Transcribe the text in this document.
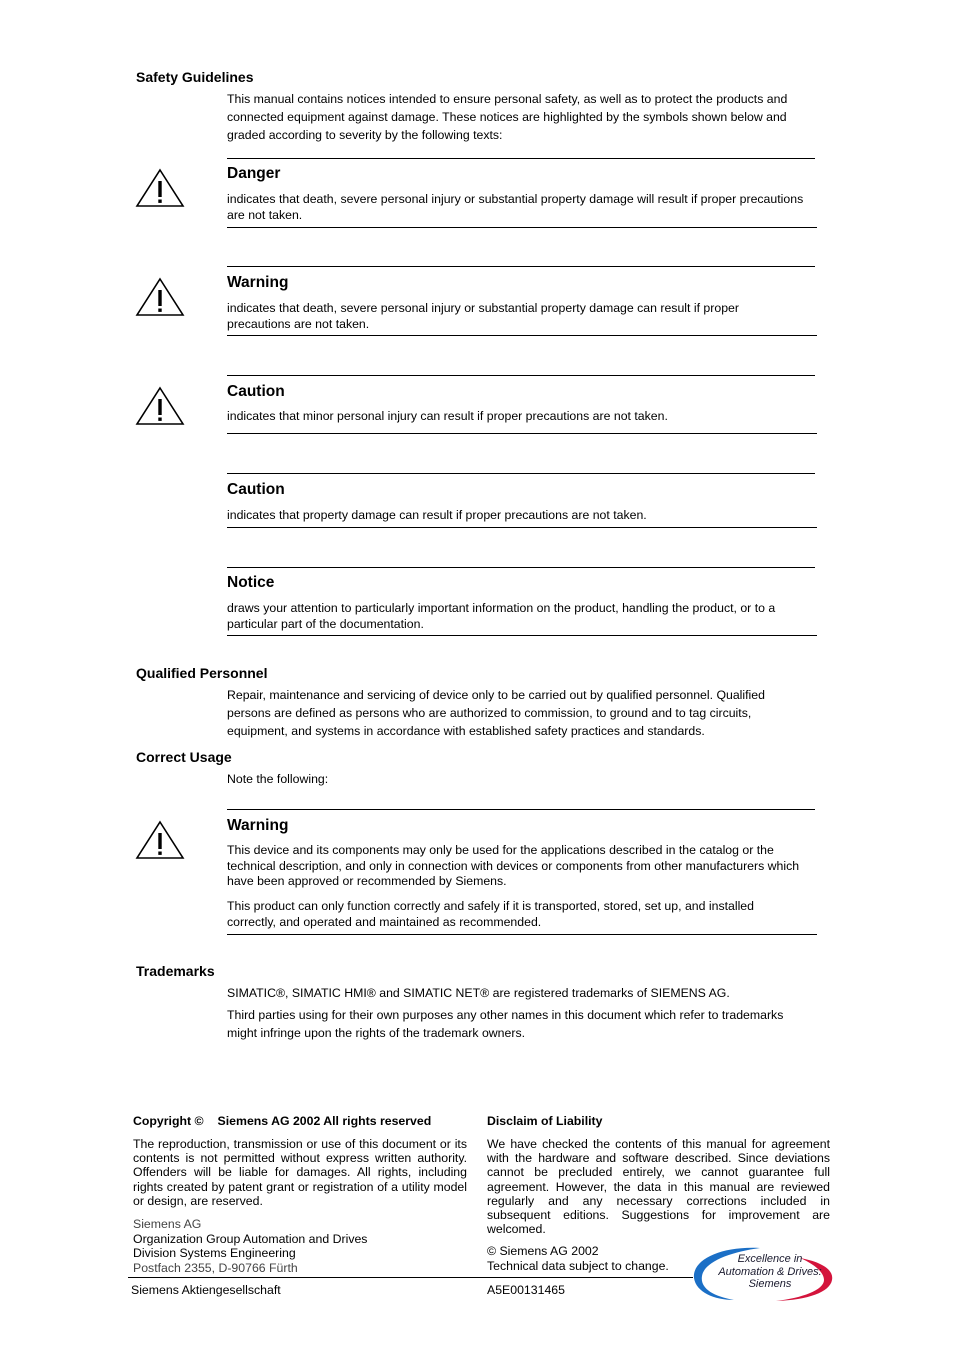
Safety Guidelines
This manual contains notices intended to ensure personal safety, as well as to protect the products and connected equipment against damage. These notices are highlighted by the symbols shown below and graded according to severity by the following texts:
Danger
indicates that death, severe personal injury or substantial property damage will result if proper precautions are not taken.
Warning
indicates that death, severe personal injury or substantial property damage can result if proper precautions are not taken.
Caution
indicates that minor personal injury can result if proper precautions are not taken.
Caution
indicates that property damage can result if proper precautions are not taken.
Notice
draws your attention to particularly important information on the product, handling the product, or to a particular part of the documentation.
Qualified Personnel
Repair, maintenance and servicing of device only to be carried out by qualified personnel. Qualified persons are defined as persons who are authorized to commission, to ground and to tag circuits, equipment, and systems in accordance with established safety practices and standards.
Correct Usage
Note the following:
Warning
This device and its components may only be used for the applications described in the catalog or the technical description, and only in connection with devices or components from other manufacturers which have been approved or recommended by Siemens.
This product can only function correctly and safely if it is transported, stored, set up, and installed correctly, and operated and maintained as recommended.
Trademarks
SIMATIC®, SIMATIC HMI® and SIMATIC NET® are registered trademarks of SIEMENS AG.
Third parties using for their own purposes any other names in this document which refer to trademarks might infringe upon the rights of the trademark owners.
Copyright © Siemens AG 2002 All rights reserved
The reproduction, transmission or use of this document or its contents is not permitted without express written authority. Offenders will be liable for damages. All rights, including rights created by patent grant or registration of a utility model or design, are reserved.
Siemens AG
Organization Group Automation and Drives
Division Systems Engineering
Postfach 2355, D-90766 Fürth
Disclaim of Liability
We have checked the contents of this manual for agreement with the hardware and software described. Since deviations cannot be precluded entirely, we cannot guarantee full agreement. However, the data in this manual are reviewed regularly and any necessary corrections included in subsequent editions. Suggestions for improvement are welcomed.
© Siemens AG 2002
Technical data subject to change.
Siemens Aktiengesellschaft	A5E00131465
Excellence in
Automation & Drives:
Siemens
